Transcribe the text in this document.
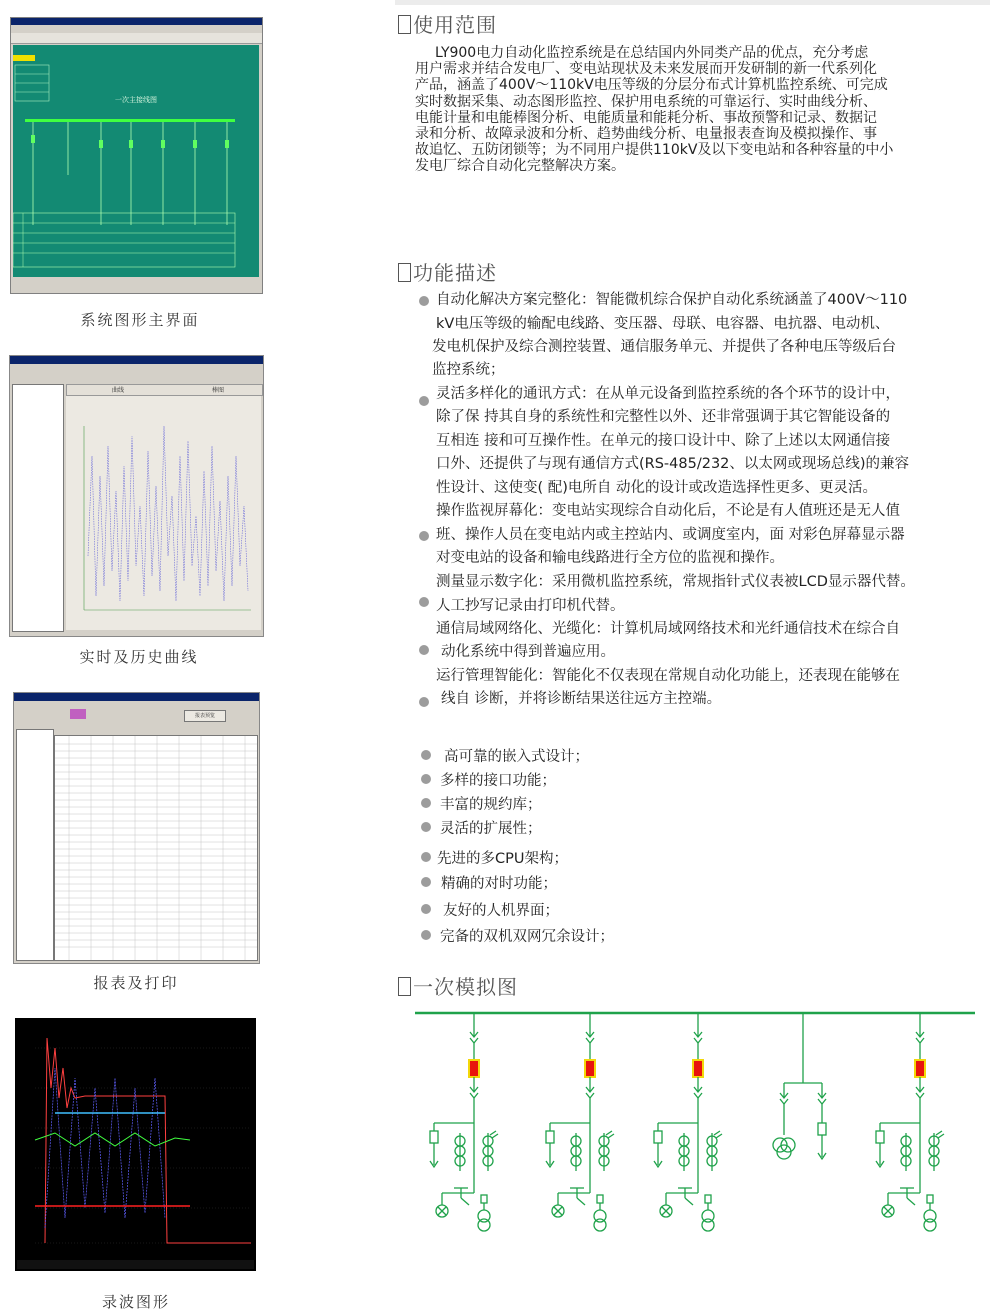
一次主接线图
系统图形主界面
曲线	棒图
实时及历史曲线
报表预览
报表及打印
录波图形
使用范围
LY900电力自动化监控系统是在总结国内外同类产品的优点，充分考虑
用户需求并结合发电厂、变电站现状及未来发展而开发研制的新一代系列化
产品，涵盖了400V～110kV电压等级的分层分布式计算机监控系统、可完成
实时数据采集、动态图形监控、保护用电系统的可靠运行、实时曲线分析、
电能计量和电能棒图分析、电能质量和能耗分析、事故预警和记录、数据记
录和分析、故障录波和分析、趋势曲线分析、电量报表查询及模拟操作、事
故追忆、五防闭锁等；为不同用户提供110kV及以下变电站和各种容量的中小
发电厂综合自动化完整解决方案。
功能描述
自动化解决方案完整化：智能微机综合保护自动化系统涵盖了400V～110
kV电压等级的输配电线路、变压器、母联、电容器、电抗器、电动机、
发电机保护及综合测控装置、通信服务单元、并提供了各种电压等级后台
监控系统；
灵活多样化的通讯方式：在从单元设备到监控系统的各个环节的设计中，
除了保 持其自身的系统性和完整性以外、还非常强调于其它智能设备的
互相连 接和可互操作性。在单元的接口设计中、除了上述以太网通信接
口外、还提供了与现有通信方式(RS-485/232、以太网或现场总线)的兼容
性设计、这使变( 配)电所自 动化的设计或改造选择性更多、更灵活。
操作监视屏幕化：变电站实现综合自动化后，不论是有人值班还是无人值
班、操作人员在变电站内或主控站内、或调度室内，面 对彩色屏幕显示器
对变电站的设备和输电线路进行全方位的监视和操作。
测量显示数字化：采用微机监控系统，常规指针式仪表被LCD显示器代替。
人工抄写记录由打印机代替。
通信局域网络化、光缆化：计算机局域网络技术和光纤通信技术在综合自
动化系统中得到普遍应用。
运行管理智能化：智能化不仅表现在常规自动化功能上，还表现在能够在
线自 诊断，并将诊断结果送往远方主控端。
高可靠的嵌入式设计；
多样的接口功能；
丰富的规约库；
灵活的扩展性；
先进的多CPU架构；
精确的对时功能；
友好的人机界面；
完备的双机双网冗余设计；
一次模拟图
